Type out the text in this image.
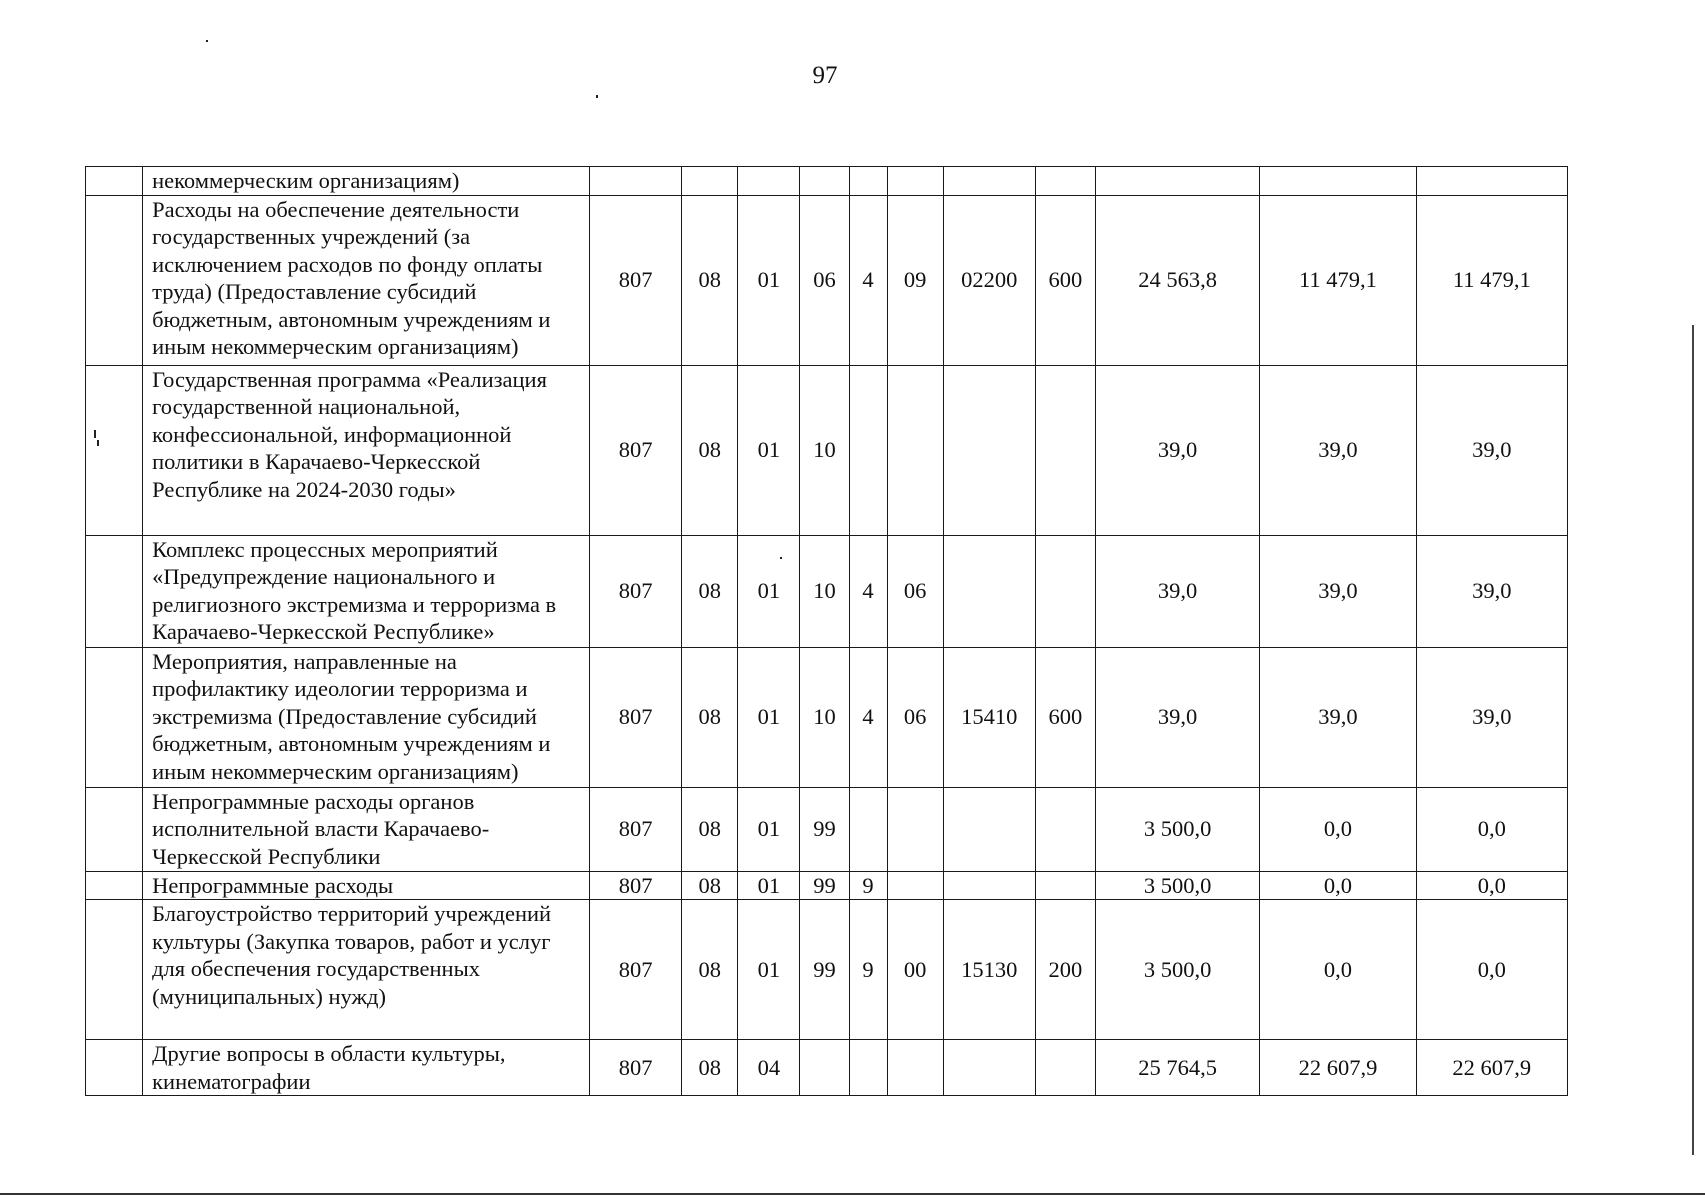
97
	некоммерческим организациям)											
	Расходы на обеспечение деятельности государственных учреждений (за исключением расходов по фонду оплаты труда) (Предоставление субсидий бюджетным, автономным учреждениям и иным некоммерческим организациям)	807	08	01	06	4	09	02200	600	24 563,8	11 479,1	11 479,1
	Государственная программа «Реализация государственной национальной, конфессиональной, информационной политики в Карачаево-Черкесской Республике на 2024-2030 годы»	807	08	01	10					39,0	39,0	39,0
	Комплекс процессных мероприятий «Предупреждение национального и религиозного экстремизма и терроризма в Карачаево-Черкесской Республике»	807	08	01	10	4	06			39,0	39,0	39,0
	Мероприятия, направленные на профилактику идеологии терроризма и экстремизма (Предоставление субсидий бюджетным, автономным учреждениям и иным некоммерческим организациям)	807	08	01	10	4	06	15410	600	39,0	39,0	39,0
	Непрограммные расходы органов исполнительной власти Карачаево-Черкесской Республики	807	08	01	99					3 500,0	0,0	0,0
	Непрограммные расходы	807	08	01	99	9				3 500,0	0,0	0,0
	Благоустройство территорий учреждений культуры (Закупка товаров, работ и услуг для обеспечения государственных (муниципальных) нужд)	807	08	01	99	9	00	15130	200	3 500,0	0,0	0,0
	Другие вопросы в области культуры, кинематографии	807	08	04						25 764,5	22 607,9	22 607,9
